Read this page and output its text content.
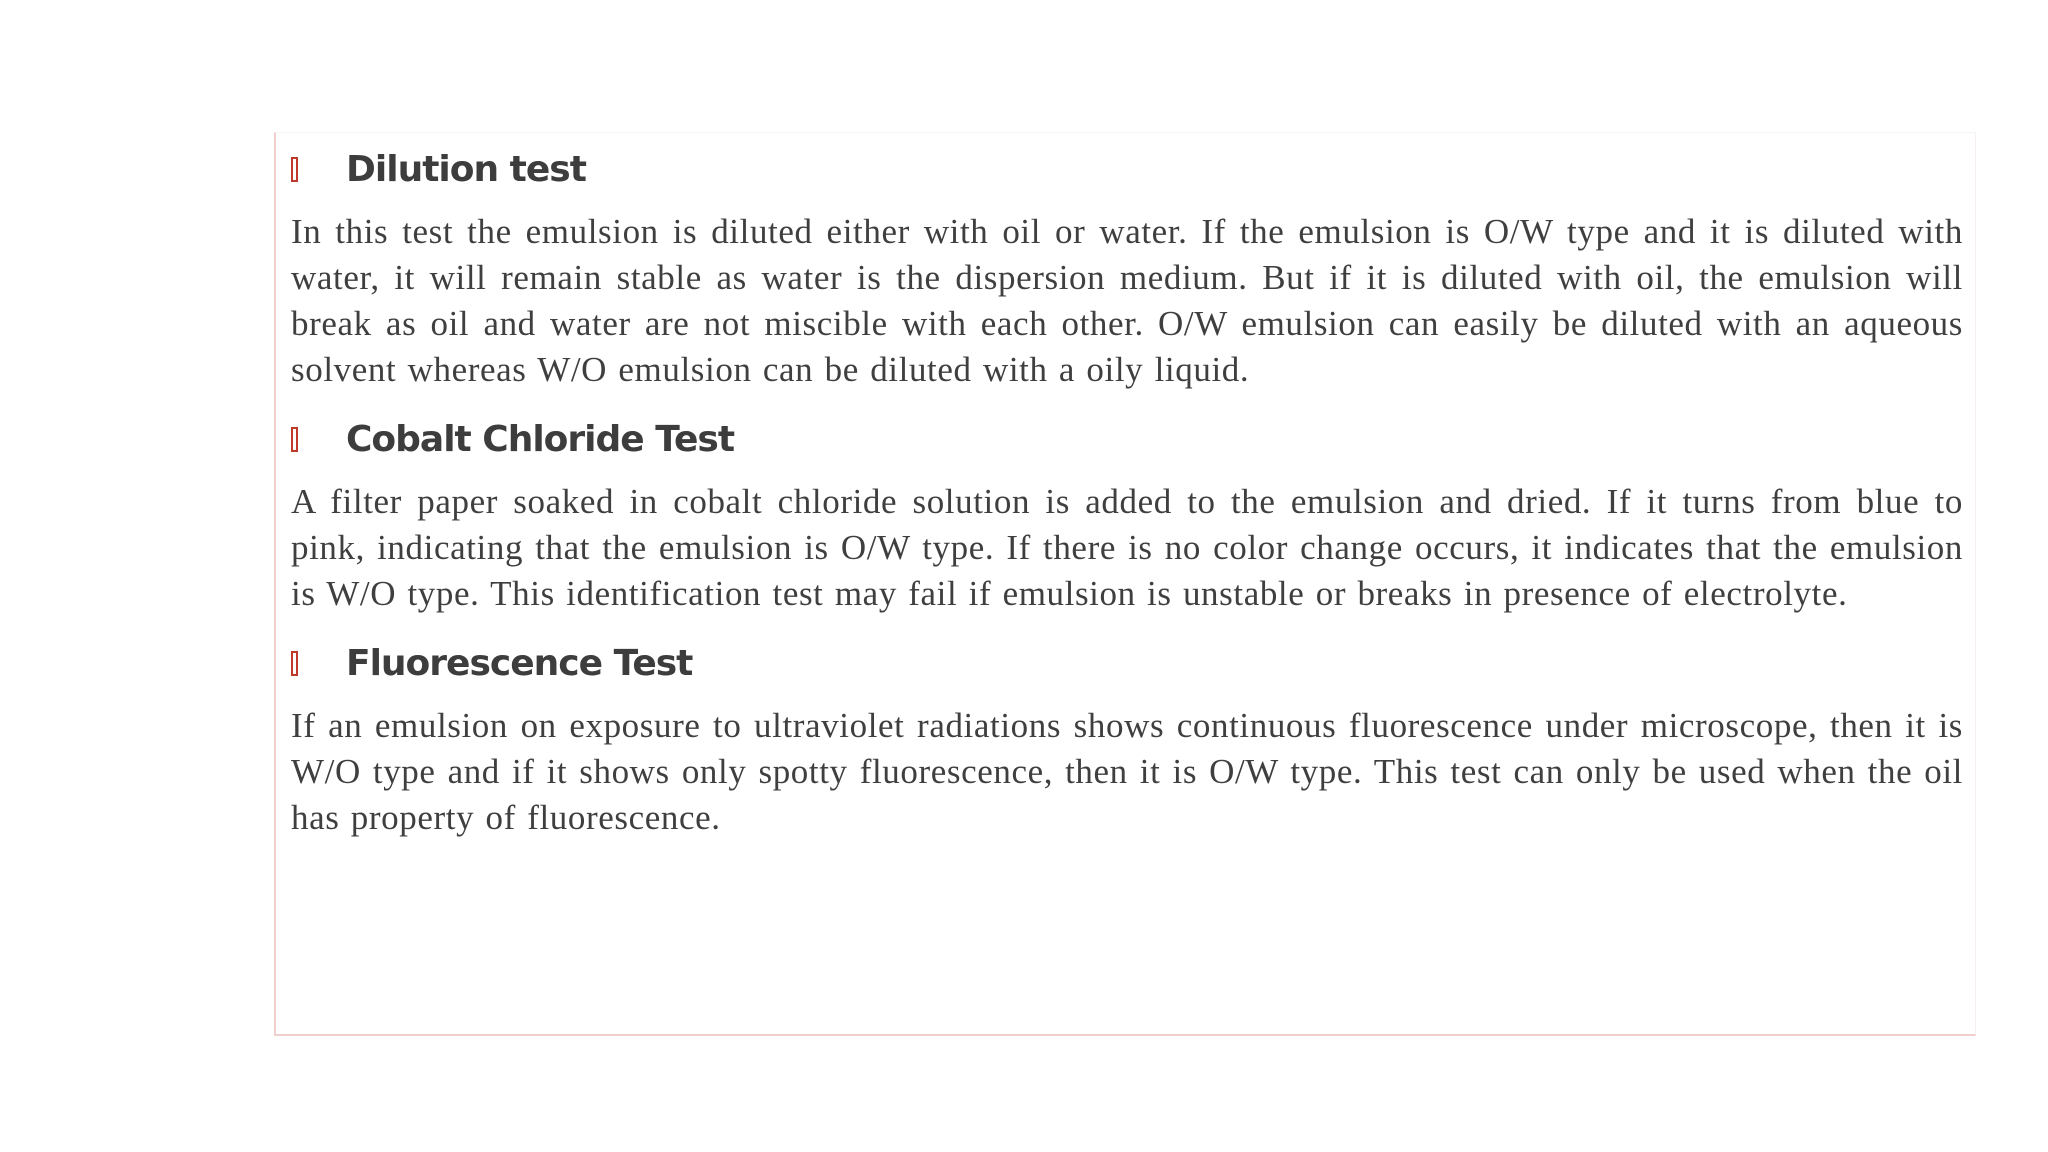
Dilution test
In this test the emulsion is diluted either with oil or water. If the emulsion is O/W type and it is diluted with water, it will remain stable as water is the dispersion medium. But if it is diluted with oil, the emulsion will break as oil and water are not miscible with each other. O/W emulsion can easily be diluted with an aqueous solvent whereas W/O emulsion can be diluted with a oily liquid.
Cobalt Chloride Test
A filter paper soaked in cobalt chloride solution is added to the emulsion and dried. If it turns from blue to pink, indicating that the emulsion is O/W type. If there is no color change occurs, it indicates that the emulsion is W/O type. This identification test may fail if emulsion is unstable or breaks in presence of electrolyte.
Fluorescence Test
If an emulsion on exposure to ultraviolet radiations shows continuous fluorescence under microscope, then it is W/O type and if it shows only spotty fluorescence, then it is O/W type. This test can only be used when the oil has property of fluorescence.
